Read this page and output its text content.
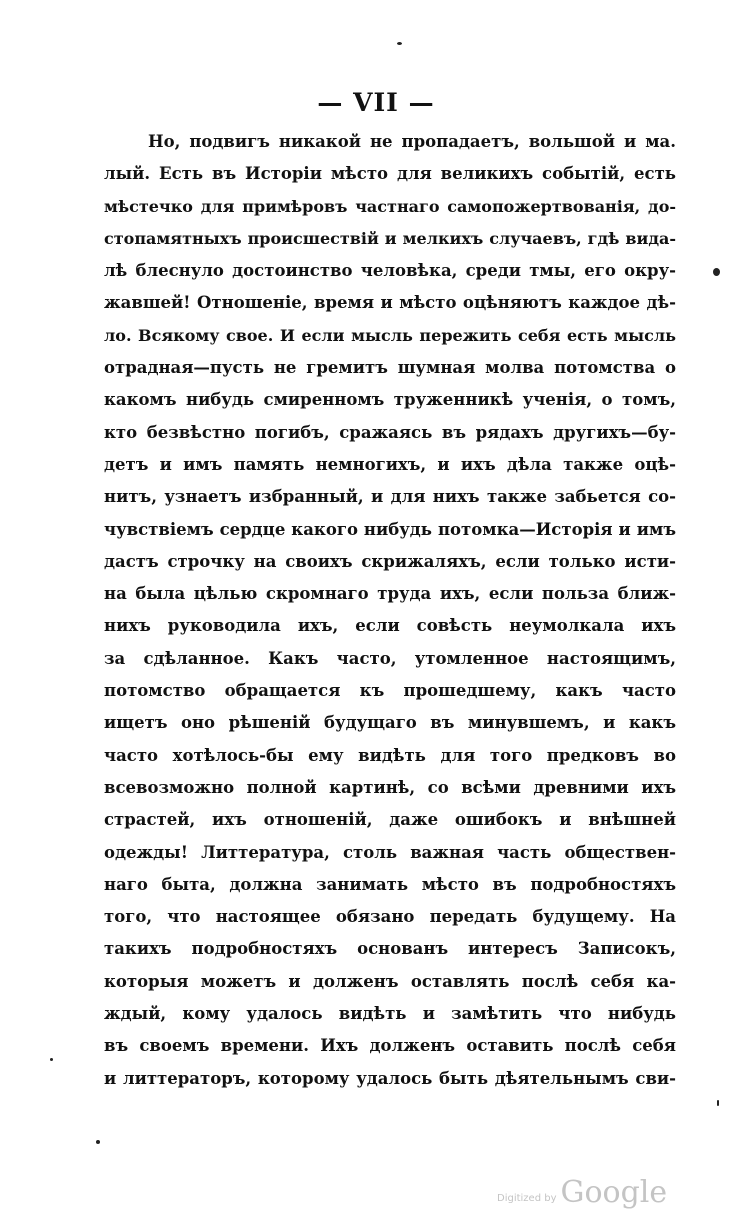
— VII —
Но, подвигъ никакой не пропадаетъ, вольшой и ма.
лый. Есть въ Исторіи мѣсто для великихъ событій, есть
мѣстечко для примѣровъ частнаго самопожертвованія, до-
стопамятныхъ происшествій и мелкихъ случаевъ, гдѣ вида-
лѣ блеснуло достоинство человѣка, среди тмы, его окру-
жавшей! Отношеніе, время и мѣсто оцѣняютъ каждое дѣ-
ло. Всякому свое. И если мысль пережить себя есть мысль
отрадная—пусть не гремитъ шумная молва потомства о
какомъ нибудь смиренномъ труженникѣ ученія, о томъ,
кто безвѣстно погибъ, сражаясь въ рядахъ другихъ—бу-
детъ и имъ память немногихъ, и ихъ дѣла также оцѣ-
нитъ, узнаетъ избранный, и для нихъ также забьется со-
чувствіемъ сердце какого нибудь потомка—Исторія и имъ
дастъ строчку на своихъ скрижаляхъ, если только исти-
на была цѣлью скромнаго труда ихъ, если польза ближ-
нихъ руководила ихъ, если совѣсть неумолкала ихъ
за сдѣланное. Какъ часто, утомленное настоящимъ,
потомство обращается къ прошедшему, какъ часто
ищетъ оно рѣшеній будущаго въ минувшемъ, и какъ
часто хотѣлось-бы ему видѣть для того предковъ во
всевозможно полной картинѣ, со всѣми древними ихъ
страстей, ихъ отношеній, даже ошибокъ и внѣшней
одежды! Литтература, столь важная часть обществен-
наго быта, должна занимать мѣсто въ подробностяхъ
того, что настоящее обязано передать будущему. На
такихъ подробностяхъ основанъ интересъ Записокъ,
которыя можетъ и долженъ оставлять послѣ себя ка-
ждый, кому удалось видѣть и замѣтить что нибудь
въ своемъ времени. Ихъ долженъ оставить послѣ себя
и литтераторъ, которому удалось быть дѣятельнымъ сви-
Digitized by Google
